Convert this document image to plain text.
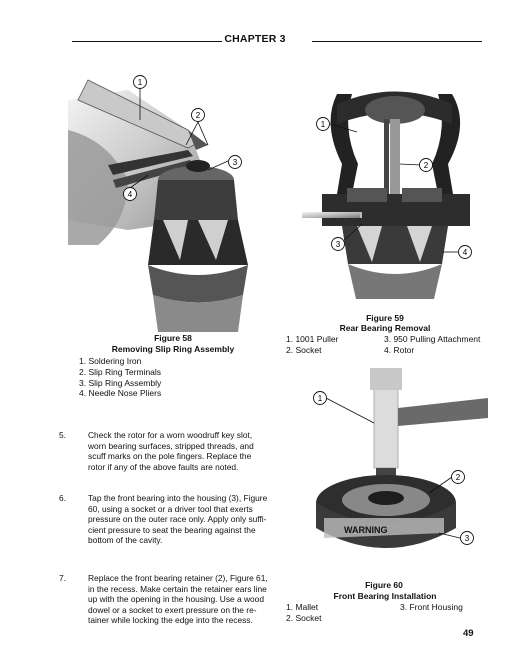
CHAPTER 3
1
2
3
4
Figure 58
Removing Slip Ring Assembly
1. Soldering Iron
2. Slip Ring Terminals
3. Slip Ring Assembly
4. Needle Nose Pliers
1
2
3
4
Figure 59
Rear Bearing Removal
1. 1001 Puller	3. 950 Pulling Attachment
2. Socket	4. Rotor
WARNING
1
2
3
Figure 60
Front Bearing Installation
1. Mallet	3. Front Housing
2. Socket
5.	Check the rotor for a worn woodruff key slot,
worn bearing surfaces, stripped threads, and
scuff marks on the pole fingers. Replace the
rotor if any of the above faults are noted.
6.	Tap the front bearing into the housing (3), Figure
60, using a socket or a driver tool that exerts
pressure on the outer race only. Apply only suffi-
cient pressure to seat the bearing against the
bottom of the cavity.
7.	Replace the front bearing retainer (2), Figure 61,
in the recess. Make certain the retainer ears line
up with the opening in the housing. Use a wood
dowel or a socket to exert pressure on the re-
tainer while locking the edge into the recess.
49
